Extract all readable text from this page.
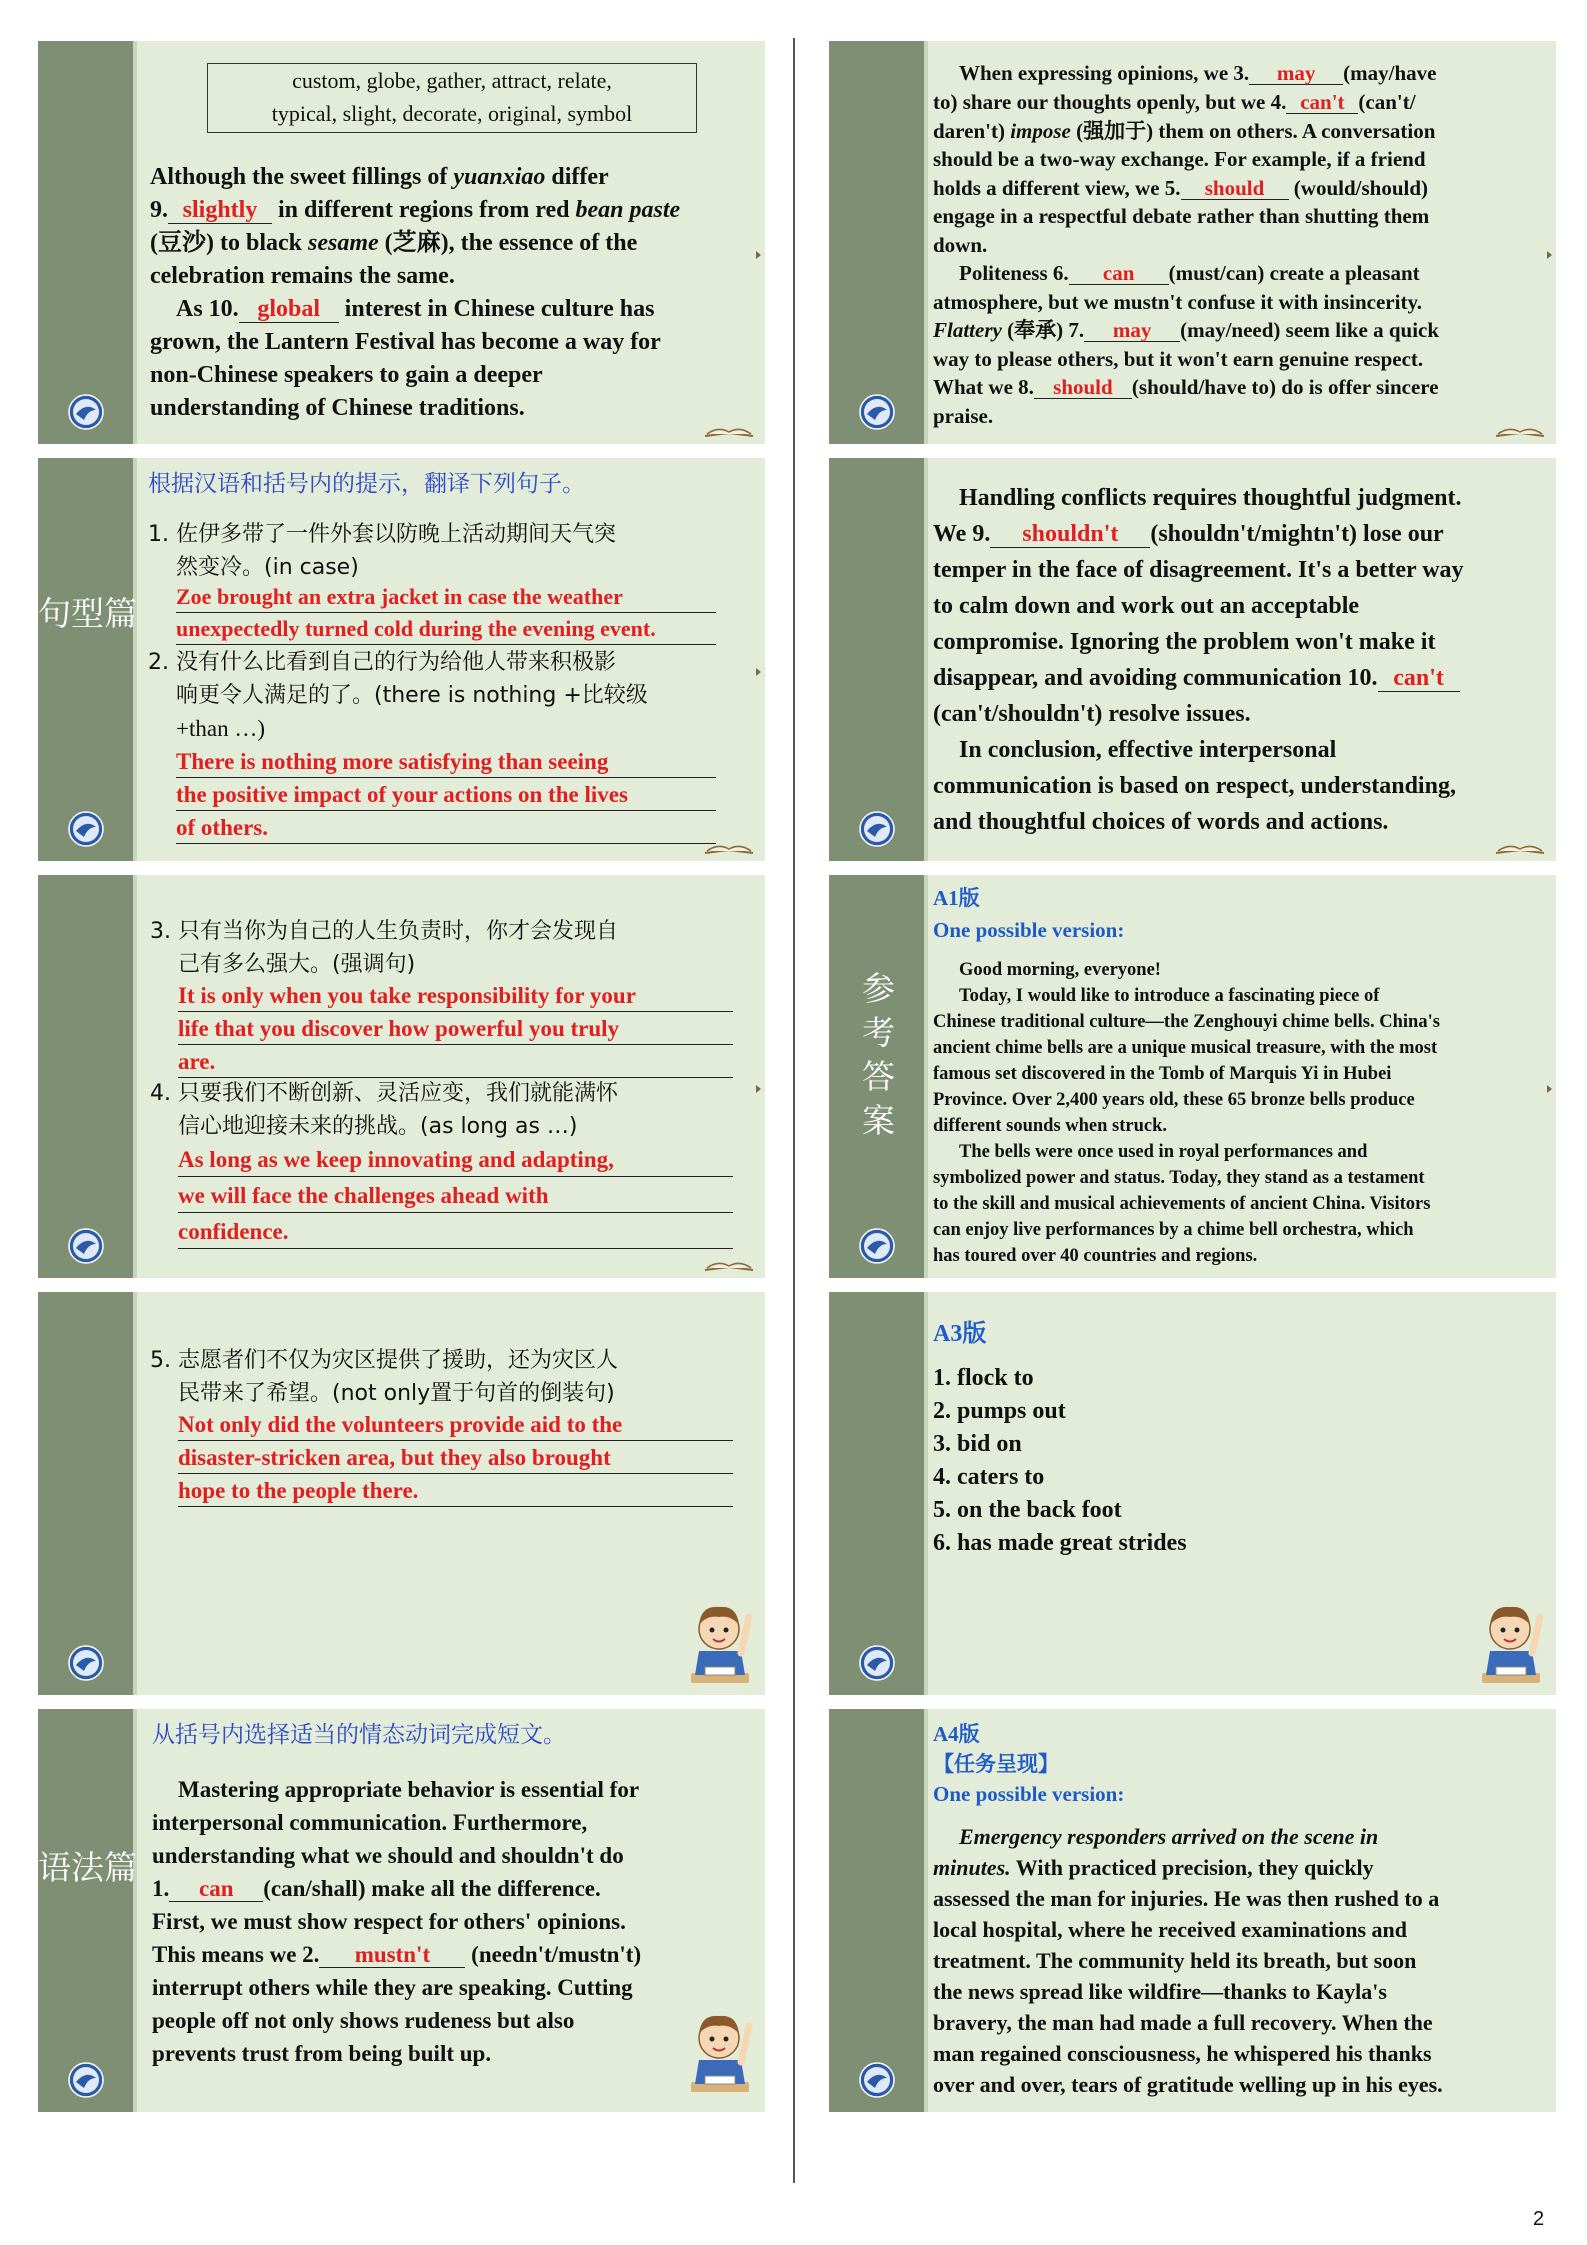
custom, globe, gather, attract, relate,
typical, slight, decorate, original, symbol
Although the sweet fillings of yuanxiao differ
9. slightly in different regions from red bean paste
(豆沙) to black sesame (芝麻), the essence of the
celebration remains the same.
As 10. global interest in Chinese culture has
grown, the Lantern Festival has become a way for
non-Chinese speakers to gain a deeper
understanding of Chinese traditions.
句型篇
根据汉语和括号内的提示，翻译下列句子。
1. 佐伊多带了一件外套以防晚上活动期间天气突
然变冷。(in case)
Zoe brought an extra jacket in case the weather
unexpectedly turned cold during the evening event.
2. 没有什么比看到自己的行为给他人带来积极影
响更令人满足的了。(there is nothing +比较级
+than …)
There is nothing more satisfying than seeing
the positive impact of your actions on the lives
of others.
3. 只有当你为自己的人生负责时，你才会发现自
己有多么强大。(强调句)
It is only when you take responsibility for your
life that you discover how powerful you truly
are.
4. 只要我们不断创新、灵活应变，我们就能满怀
信心地迎接未来的挑战。(as long as …)
As long as we keep innovating and adapting,
we will face the challenges ahead with
confidence.
5. 志愿者们不仅为灾区提供了援助，还为灾区人
民带来了希望。(not only置于句首的倒装句)
Not only did the volunteers provide aid to the
disaster-stricken area, but they also brought
hope to the people there.
语法篇
从括号内选择适当的情态动词完成短文。
Mastering appropriate behavior is essential for
interpersonal communication. Furthermore,
understanding what we should and shouldn't do
1. can (can/shall) make all the difference.
First, we must show respect for others' opinions.
This means we 2. mustn't (needn't/mustn't)
interrupt others while they are speaking. Cutting
people off not only shows rudeness but also
prevents trust from being built up.
When expressing opinions, we 3. may (may/have
to) share our thoughts openly, but we 4. can't (can't/
daren't) impose (强加于) them on others. A conversation
should be a two-way exchange. For example, if a friend
holds a different view, we 5. should (would/should)
engage in a respectful debate rather than shutting them
down.
Politeness 6. can (must/can) create a pleasant
atmosphere, but we mustn't confuse it with insincerity.
Flattery (奉承) 7. may (may/need) seem like a quick
way to please others, but it won't earn genuine respect.
What we 8. should (should/have to) do is offer sincere
praise.
Handling conflicts requires thoughtful judgment.
We 9. shouldn't (shouldn't/mightn't) lose our
temper in the face of disagreement. It's a better way
to calm down and work out an acceptable
compromise. Ignoring the problem won't make it
disappear, and avoiding communication 10. can't
(can't/shouldn't) resolve issues.
In conclusion, effective interpersonal
communication is based on respect, understanding,
and thoughtful choices of words and actions.
参考答案
A1版
One possible version:
Good morning, everyone!
Today, I would like to introduce a fascinating piece of
Chinese traditional culture—the Zenghouyi chime bells. China's
ancient chime bells are a unique musical treasure, with the most
famous set discovered in the Tomb of Marquis Yi in Hubei
Province. Over 2,400 years old, these 65 bronze bells produce
different sounds when struck.
The bells were once used in royal performances and
symbolized power and status. Today, they stand as a testament
to the skill and musical achievements of ancient China. Visitors
can enjoy live performances by a chime bell orchestra, which
has toured over 40 countries and regions.
A3版
1. flock to
2. pumps out
3. bid on
4. caters to
5. on the back foot
6. has made great strides
A4版
【任务呈现】
One possible version:
Emergency responders arrived on the scene in
minutes. With practiced precision, they quickly
assessed the man for injuries. He was then rushed to a
local hospital, where he received examinations and
treatment. The community held its breath, but soon
the news spread like wildfire—thanks to Kayla's
bravery, the man had made a full recovery. When the
man regained consciousness, he whispered his thanks
over and over, tears of gratitude welling up in his eyes.
2
